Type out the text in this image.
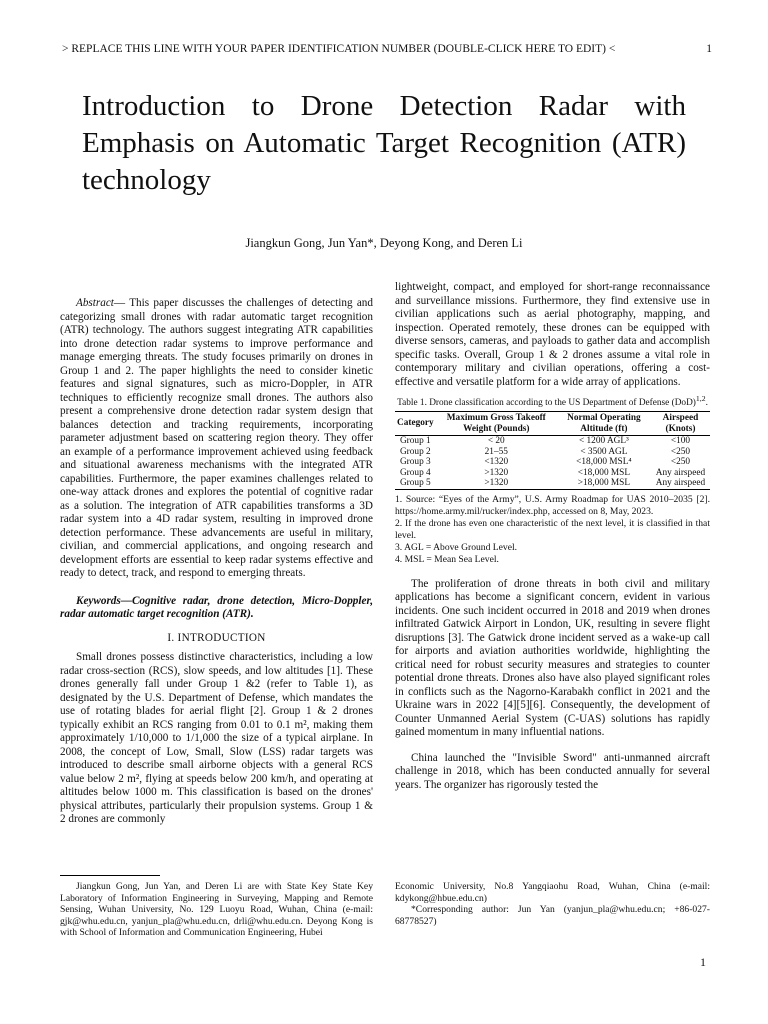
> REPLACE THIS LINE WITH YOUR PAPER IDENTIFICATION NUMBER (DOUBLE-CLICK HERE TO EDIT) <	1
Introduction to Drone Detection Radar with Emphasis on Automatic Target Recognition (ATR) technology
Jiangkun Gong, Jun Yan*, Deyong Kong, and Deren Li

Abstract— This paper discusses the challenges of detecting and categorizing small drones with radar automatic target recognition (ATR) technology. The authors suggest integrating ATR capabilities into drone detection radar systems to improve performance and manage emerging threats. The study focuses primarily on drones in Group 1 and 2. The paper highlights the need to consider kinetic features and signal signatures, such as micro-Doppler, in ATR techniques to efficiently recognize small drones. The authors also present a comprehensive drone detection radar system design that balances detection and tracking requirements, incorporating parameter adjustment based on scattering region theory. They offer an example of a performance improvement achieved using feedback and situational awareness mechanisms with the integrated ATR capabilities. Furthermore, the paper examines challenges related to one-way attack drones and explores the potential of cognitive radar as a solution. The integration of ATR capabilities transforms a 3D radar system into a 4D radar system, resulting in improved drone detection performance. These advancements are useful in military, civilian, and commercial applications, and ongoing research and development efforts are essential to keep radar systems effective and ready to detect, track, and respond to emerging threats.

Keywords—Cognitive radar, drone detection, Micro-Doppler, radar automatic target recognition (ATR).

I. INTRODUCTION

Small drones possess distinctive characteristics, including a low radar cross-section (RCS), slow speeds, and low altitudes [1]. These drones generally fall under Group 1 &2 (refer to Table 1), as designated by the U.S. Department of Defense, which mandates the use of rotating blades for aerial flight [2]. Group 1 & 2 drones typically exhibit an RCS ranging from 0.01 to 0.1 m², making them approximately 1/10,000 to 1/1,000 the size of a typical airplane. In 2008, the concept of Low, Small, Slow (LSS) radar targets was introduced to describe small airborne objects with a general RCS value below 2 m², flying at speeds below 200 km/h, and operating at altitudes below 1000 m. This classification is based on the drones' physical attributes, particularly their propulsion systems. Group 1 & 2 drones are commonly

lightweight, compact, and employed for short-range reconnaissance and surveillance missions. Furthermore, they find extensive use in civilian applications such as aerial photography, mapping, and inspection. Operated remotely, these drones can be equipped with diverse sensors, cameras, and payloads to gather data and accomplish specific tasks. Overall, Group 1 & 2 drones assume a vital role in contemporary military and civilian operations, offering a cost-effective and versatile platform for a wide array of applications.

Table 1. Drone classification according to the US Department of Defense (DoD)$^{1,2}$.
Category	Maximum Gross Takeoff Weight (Pounds)	Normal Operating Altitude (ft)	Airspeed (Knots)
Group 1	< 20	< 1200 AGL³	<100
Group 2	21–55	< 3500 AGL	<250
Group 3	<1320	<18,000 MSL⁴	<250
Group 4	>1320	<18,000 MSL	Any airspeed
Group 5	>1320	>18,000 MSL	Any airspeed
1. Source: “Eyes of the Army”, U.S. Army Roadmap for UAS 2010–2035 [2]. https://home.army.mil/rucker/index.php, accessed on 8, May, 2023.
2. If the drone has even one characteristic of the next level, it is classified in that level.
3. AGL = Above Ground Level.
4. MSL = Mean Sea Level.

The proliferation of drone threats in both civil and military applications has become a significant concern, evident in various incidents. One such incident occurred in 2018 and 2019 when drones infiltrated Gatwick Airport in London, UK, resulting in severe flight disruptions [3]. The Gatwick drone incident served as a wake-up call for airports and aviation authorities worldwide, highlighting the critical need for robust security measures and strategies to counter potential drone threats. Drones also have also played significant roles in conflicts such as the Nagorno-Karabakh conflict in 2021 and the Ukraine wars in 2022 [4][5][6]. Consequently, the development of Counter Unmanned Aerial System (C-UAS) solutions has rapidly gained momentum in many influential nations.

China launched the "Invisible Sword" anti-unmanned aircraft challenge in 2018, which has been conducted annually for several years. The organizer has rigorously tested the

Jiangkun Gong, Jun Yan, and Deren Li are with State Key State Key Laboratory of Information Engineering in Surveying, Mapping and Remote Sensing, Wuhan University, No. 129 Luoyu Road, Wuhan, China (e-mail: gjk@whu.edu.cn, yanjun_pla@whu.edu.cn, drli@whu.edu.cn. Deyong Kong is with School of Information and Communication Engineering, Hubei

Economic University, No.8 Yangqiaohu Road, Wuhan, China (e-mail: kdykong@hbue.edu.cn)

*Corresponding author: Jun Yan (yanjun_pla@whu.edu.cn; +86-027-68778527)

1
